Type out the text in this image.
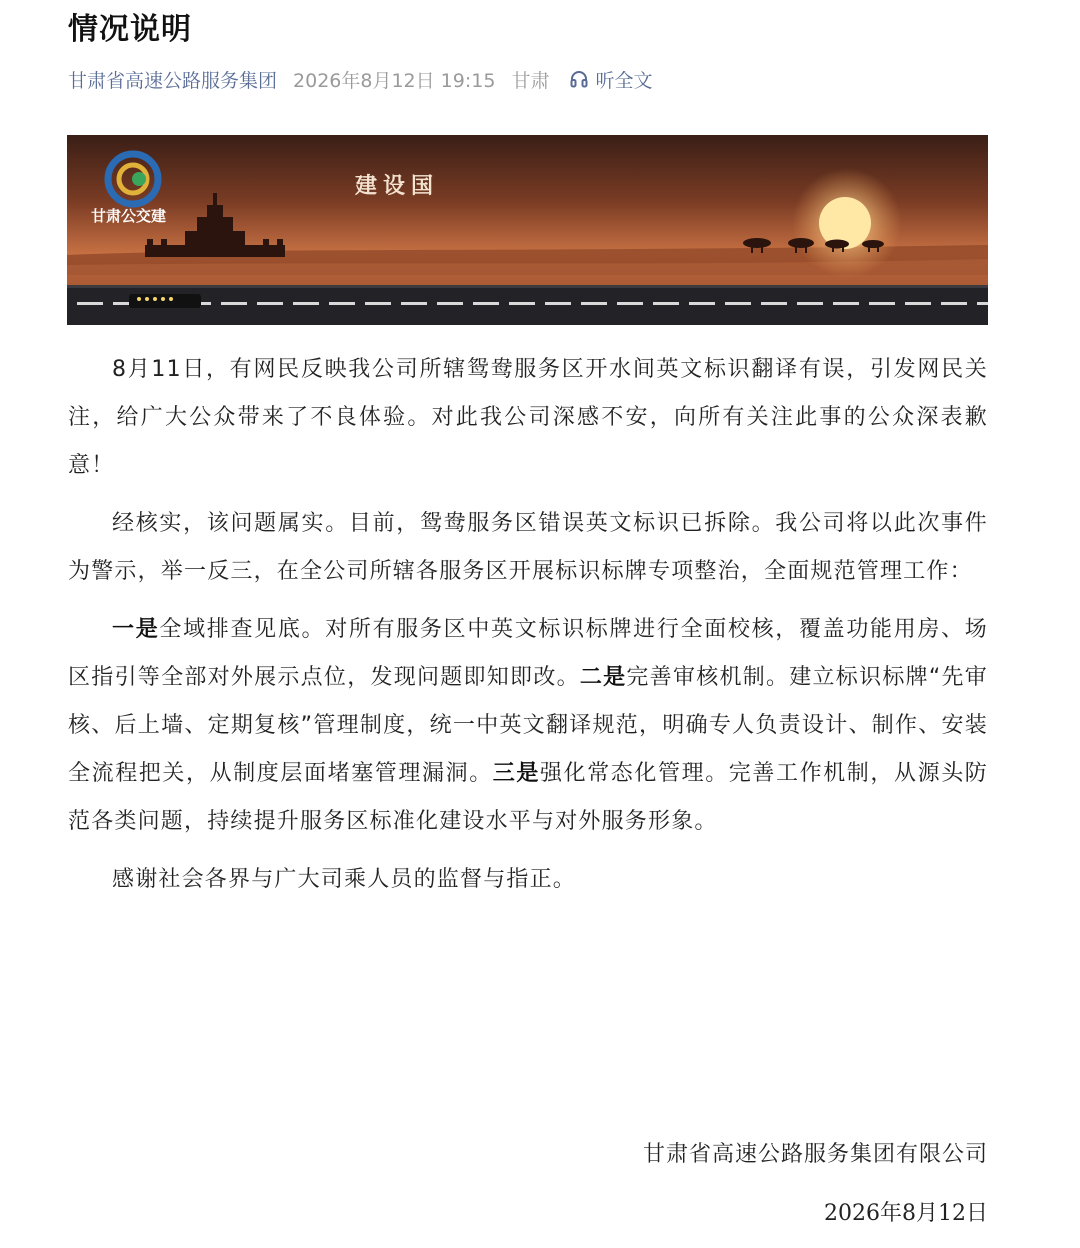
情况说明
甘肃省高速公路服务集团 2026年8月12日 19:15 甘肃 听全文
甘肃公交建
建设国

8月11日，有网民反映我公司所辖鸳鸯服务区开水间英文标识翻译有误，引发网民关注，给广大公众带来了不良体验。对此我公司深感不安，向所有关注此事的公众深表歉意！

经核实，该问题属实。目前，鸳鸯服务区错误英文标识已拆除。我公司将以此次事件为警示，举一反三，在全公司所辖各服务区开展标识标牌专项整治，全面规范管理工作：

一是全域排查见底。对所有服务区中英文标识标牌进行全面校核，覆盖功能用房、场区指引等全部对外展示点位，发现问题即知即改。二是完善审核机制。建立标识标牌“先审核、后上墙、定期复核”管理制度，统一中英文翻译规范，明确专人负责设计、制作、安装全流程把关，从制度层面堵塞管理漏洞。三是强化常态化管理。完善工作机制，从源头防范各类问题，持续提升服务区标准化建设水平与对外服务形象。

感谢社会各界与广大司乘人员的监督与指正。

甘肃省高速公路服务集团有限公司

2026年8月12日
